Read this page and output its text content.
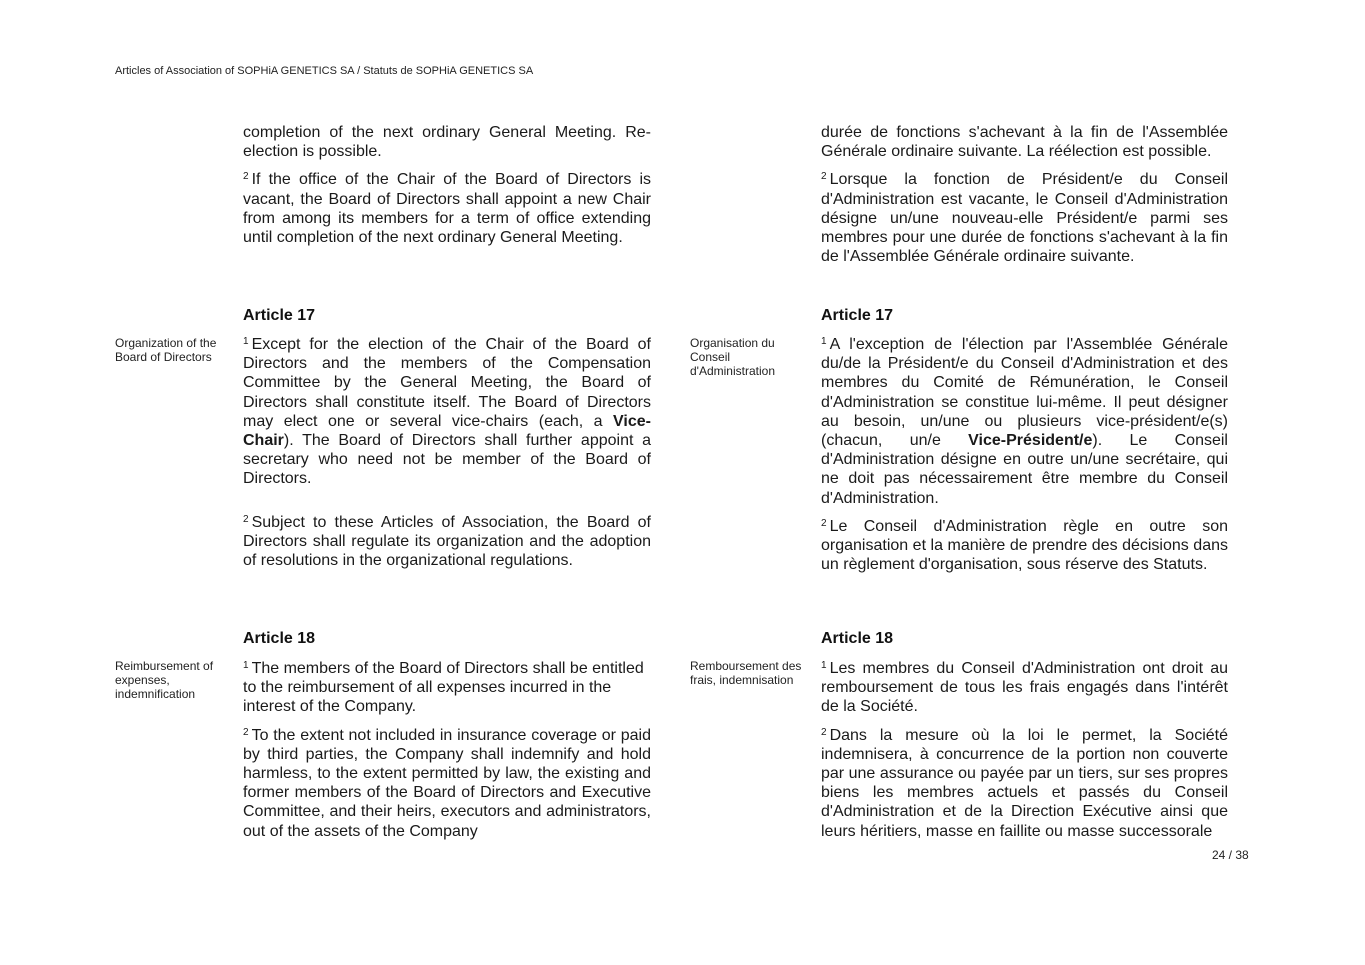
Articles of Association of SOPHiA GENETICS SA / Statuts de SOPHiA GENETICS SA

completion of the next ordinary General Meeting. Re-election is possible.

$^2$ If the office of the Chair of the Board of Directors is vacant, the Board of Directors shall appoint a new Chair from among its members for a term of office extending until completion of the next ordinary General Meeting.

durée de fonctions s'achevant à la fin de l'Assemblée Générale ordinaire suivante. La réélection est possible.

$^2$ Lorsque la fonction de Président/e du Conseil d'Administration est vacante, le Conseil d'Administration désigne un/une nouveau-elle Président/e parmi ses membres pour une durée de fonctions s'achevant à la fin de l'Assemblée Générale ordinaire suivante.

Article 17	Article 17
Organization of the Board of Directors
Organisation du Conseil d'Administration

$^1$ Except for the election of the Chair of the Board of Directors and the members of the Compensation Committee by the General Meeting, the Board of Directors shall constitute itself. The Board of Directors may elect one or several vice-chairs (each, a Vice-Chair). The Board of Directors shall further appoint a secretary who need not be member of the Board of Directors.

$^2$ Subject to these Articles of Association, the Board of Directors shall regulate its organization and the adoption of resolutions in the organizational regulations.

$^1$ A l'exception de l'élection par l'Assemblée Générale du/de la Président/e du Conseil d'Administration et des membres du Comité de Rémunération, le Conseil d'Administration se constitue lui-même. Il peut désigner au besoin, un/une ou plusieurs vice-président/e(s) (chacun, un/e Vice-Président/e). Le Conseil d'Administration désigne en outre un/une secrétaire, qui ne doit pas nécessairement être membre du Conseil d'Administration.

$^2$ Le Conseil d'Administration règle en outre son organisation et la manière de prendre des décisions dans un règlement d'organisation, sous réserve des Statuts.

Article 18	Article 18
Reimbursement of expenses, indemnification
Remboursement des frais, indemnisation

$^1$ The members of the Board of Directors shall be entitled to the reimbursement of all expenses incurred in the interest of the Company.

$^2$ To the extent not included in insurance coverage or paid by third parties, the Company shall indemnify and hold harmless, to the extent permitted by law, the existing and former members of the Board of Directors and Executive Committee, and their heirs, executors and administrators, out of the assets of the Company

$^1$ Les membres du Conseil d'Administration ont droit au remboursement de tous les frais engagés dans l'intérêt de la Société.

$^2$ Dans la mesure où la loi le permet, la Société indemnisera, à concurrence de la portion non couverte par une assurance ou payée par un tiers, sur ses propres biens les membres actuels et passés du Conseil d'Administration et de la Direction Exécutive ainsi que leurs héritiers, masse en faillite ou masse successorale

24 / 38
